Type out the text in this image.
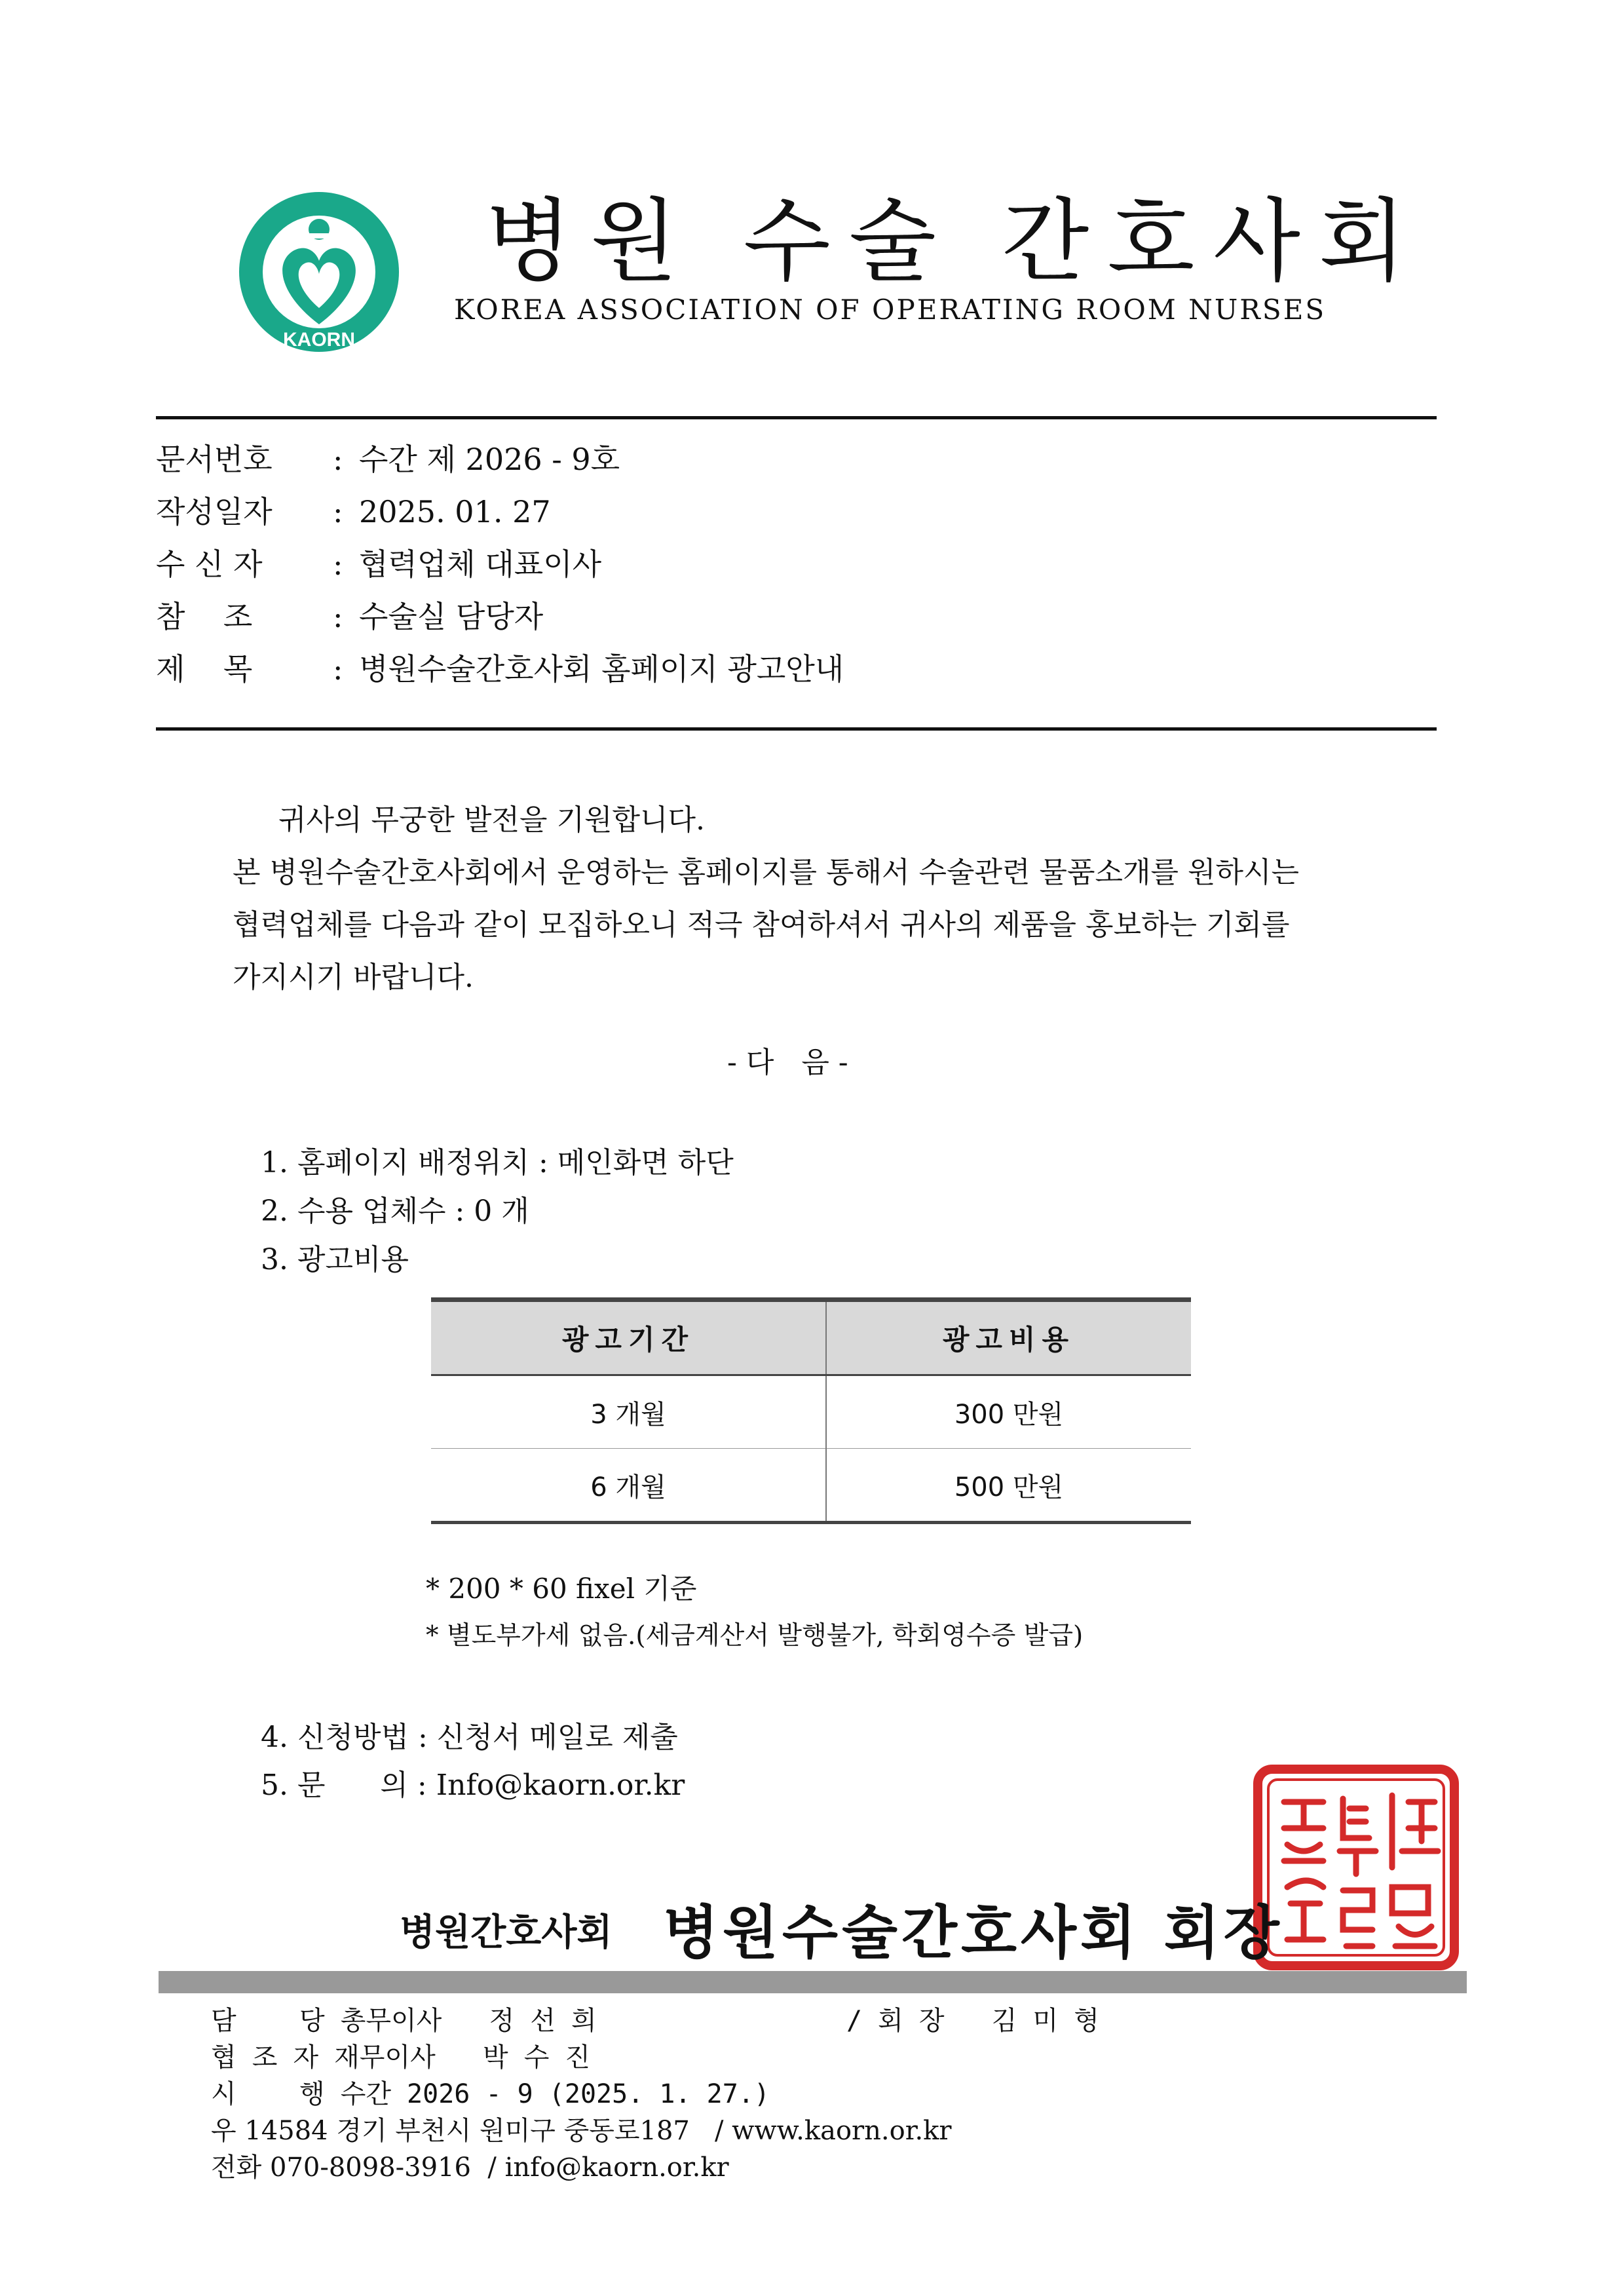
KAORN
병원 수술 간호사회
KOREA ASSOCIATION OF OPERATING ROOM NURSES
문서번호 : 수간 제 2026 - 9호
작성일자 : 2025. 01. 27
수 신 자 : 협력업체 대표이사
참    조	: 수술실 담당자
제    목	: 병원수술간호사회 홈페이지 광고안내
귀사의 무궁한 발전을 기원합니다.
본 병원수술간호사회에서 운영하는 홈페이지를 통해서 수술관련 물품소개를 원하시는
협력업체를 다음과 같이 모집하오니 적극 참여하셔서 귀사의 제품을 홍보하는 기회를
가지시기 바랍니다.
- 다   음 -
1. 홈페이지 배정위치 : 메인화면 하단
2. 수용 업체수 : 0 개
3. 광고비용
광고기간	광고비용
3 개월	300 만원
6 개월	500 만원
* 200 * 60 fixel 기준
* 별도부가세 없음.(세금계산서 발행불가, 학회영수증 발급)
4. 신청방법 : 신청서 메일로 제출
5. 문      의 : Info@kaorn.or.kr
병원간호사회 병원수술간호사회 회장
담    당 총무이사   정 선 희	/ 회 장   김 미 형
협 조 자 재무이사   박 수 진
시    행 수간 2026 - 9 (2025. 1. 27.)
우 14584 경기 부천시 원미구 중동로187   / www.kaorn.or.kr
전화 070-8098-3916  / info@kaorn.or.kr
